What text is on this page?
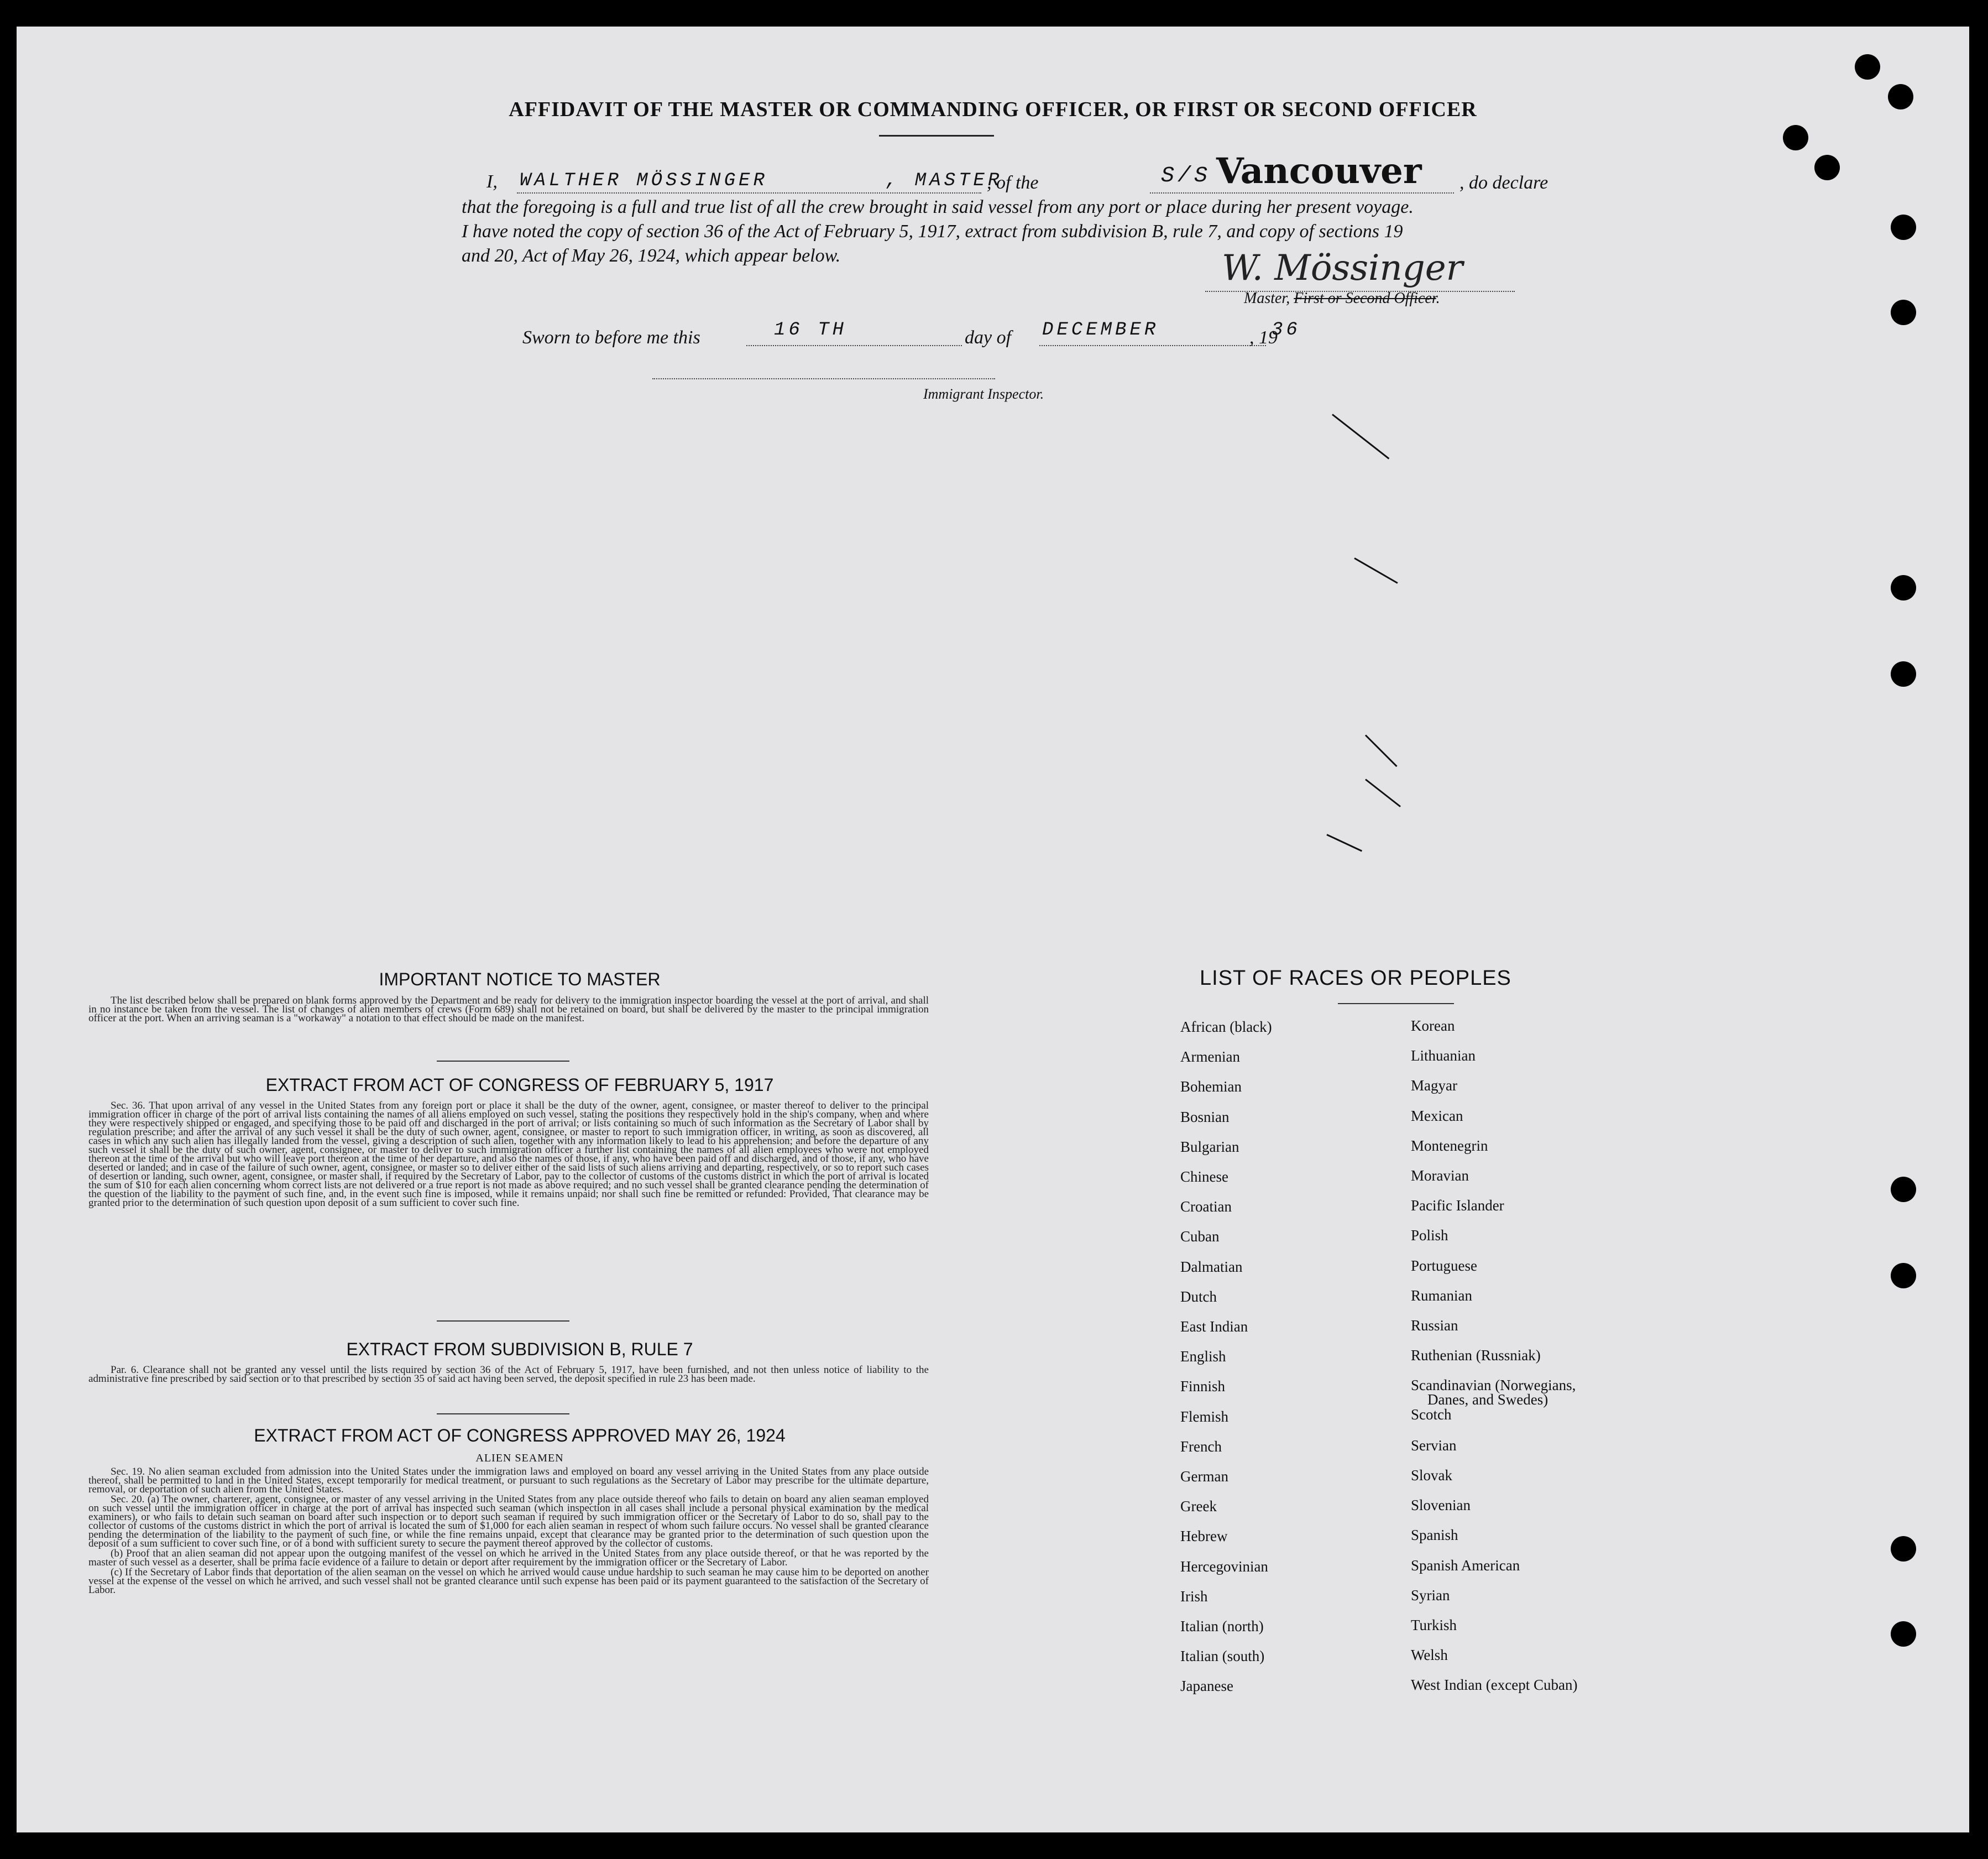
AFFIDAVIT OF THE MASTER OR COMMANDING OFFICER, OR FIRST OR SECOND OFFICER
I, WALTHER MÖSSINGER	, MASTER
, of the	S/S Vancouver , do declare
that the foregoing is a full and true list of all the crew brought in said vessel from any port or place during her present voyage.
I have noted the copy of section 36 of the Act of February 5, 1917, extract from subdivision B, rule 7, and copy of sections 19
and 20, Act of May 26, 1924, which appear below.	W. Mössinger
Master, First or Second Officer.
Sworn to before me this	16 TH	day of DECEMBER	, 19
36
Immigrant Inspector.
IMPORTANT NOTICE TO MASTER

The list described below shall be prepared on blank forms approved by the Department and be ready for delivery to the immigration inspector boarding the vessel at the port of arrival, and shall in no instance be taken from the vessel. The list of changes of alien members of crews (Form 689) shall not be retained on board, but shall be delivered by the master to the principal immigration officer at the port. When an arriving seaman is a "workaway" a notation to that effect should be made on the manifest.

EXTRACT FROM ACT OF CONGRESS OF FEBRUARY 5, 1917

Sec. 36. That upon arrival of any vessel in the United States from any foreign port or place it shall be the duty of the owner, agent, consignee, or master thereof to deliver to the principal immigration officer in charge of the port of arrival lists containing the names of all aliens employed on such vessel, stating the positions they respectively hold in the ship's company, when and where they were respectively shipped or engaged, and specifying those to be paid off and discharged in the port of arrival; or lists containing so much of such information as the Secretary of Labor shall by regulation prescribe; and after the arrival of any such vessel it shall be the duty of such owner, agent, consignee, or master to report to such immigration officer, in writing, as soon as discovered, all cases in which any such alien has illegally landed from the vessel, giving a description of such alien, together with any information likely to lead to his apprehension; and before the departure of any such vessel it shall be the duty of such owner, agent, consignee, or master to deliver to such immigration officer a further list containing the names of all alien employees who were not employed thereon at the time of the arrival but who will leave port thereon at the time of her departure, and also the names of those, if any, who have been paid off and discharged, and of those, if any, who have deserted or landed; and in case of the failure of such owner, agent, consignee, or master so to deliver either of the said lists of such aliens arriving and departing, respectively, or so to report such cases of desertion or landing, such owner, agent, consignee, or master shall, if required by the Secretary of Labor, pay to the collector of customs of the customs district in which the port of arrival is located the sum of $10 for each alien concerning whom correct lists are not delivered or a true report is not made as above required; and no such vessel shall be granted clearance pending the determination of the question of the liability to the payment of such fine, and, in the event such fine is imposed, while it remains unpaid; nor shall such fine be remitted or refunded: Provided, That clearance may be granted prior to the determination of such question upon deposit of a sum sufficient to cover such fine.

EXTRACT FROM SUBDIVISION B, RULE 7

Par. 6. Clearance shall not be granted any vessel until the lists required by section 36 of the Act of February 5, 1917, have been furnished, and not then unless notice of liability to the administrative fine prescribed by said section or to that prescribed by section 35 of said act having been served, the deposit specified in rule 23 has been made.

EXTRACT FROM ACT OF CONGRESS APPROVED MAY 26, 1924
ALIEN SEAMEN

Sec. 19. No alien seaman excluded from admission into the United States under the immigration laws and employed on board any vessel arriving in the United States from any place outside thereof, shall be permitted to land in the United States, except temporarily for medical treatment, or pursuant to such regulations as the Secretary of Labor may prescribe for the ultimate departure, removal, or deportation of such alien from the United States.

Sec. 20. (a) The owner, charterer, agent, consignee, or master of any vessel arriving in the United States from any place outside thereof who fails to detain on board any alien seaman employed on such vessel until the immigration officer in charge at the port of arrival has inspected such seaman (which inspection in all cases shall include a personal physical examination by the medical examiners), or who fails to detain such seaman on board after such inspection or to deport such seaman if required by such immigration officer or the Secretary of Labor to do so, shall pay to the collector of customs of the customs district in which the port of arrival is located the sum of $1,000 for each alien seaman in respect of whom such failure occurs. No vessel shall be granted clearance pending the determination of the liability to the payment of such fine, or while the fine remains unpaid, except that clearance may be granted prior to the determination of such question upon the deposit of a sum sufficient to cover such fine, or of a bond with sufficient surety to secure the payment thereof approved by the collector of customs.

(b) Proof that an alien seaman did not appear upon the outgoing manifest of the vessel on which he arrived in the United States from any place outside thereof, or that he was reported by the master of such vessel as a deserter, shall be prima facie evidence of a failure to detain or deport after requirement by the immigration officer or the Secretary of Labor.

(c) If the Secretary of Labor finds that deportation of the alien seaman on the vessel on which he arrived would cause undue hardship to such seaman he may cause him to be deported on another vessel at the expense of the vessel on which he arrived, and such vessel shall not be granted clearance until such expense has been paid or its payment guaranteed to the satisfaction of the Secretary of Labor.

LIST OF RACES OR PEOPLES
African (black)
Armenian
Bohemian
Bosnian
Bulgarian
Chinese
Croatian
Cuban
Dalmatian
Dutch
East Indian
English
Finnish
Flemish
French
German
Greek
Hebrew
Hercegovinian
Irish
Italian (north)
Italian (south)
Japanese
Korean
Lithuanian
Magyar
Mexican
Montenegrin
Moravian
Pacific Islander
Polish
Portuguese
Rumanian
Russian
Ruthenian (Russniak)
Scandinavian (Norwegians,
Danes, and Swedes)
Scotch
Servian
Slovak
Slovenian
Spanish
Spanish American
Syrian
Turkish
Welsh
West Indian (except Cuban)
